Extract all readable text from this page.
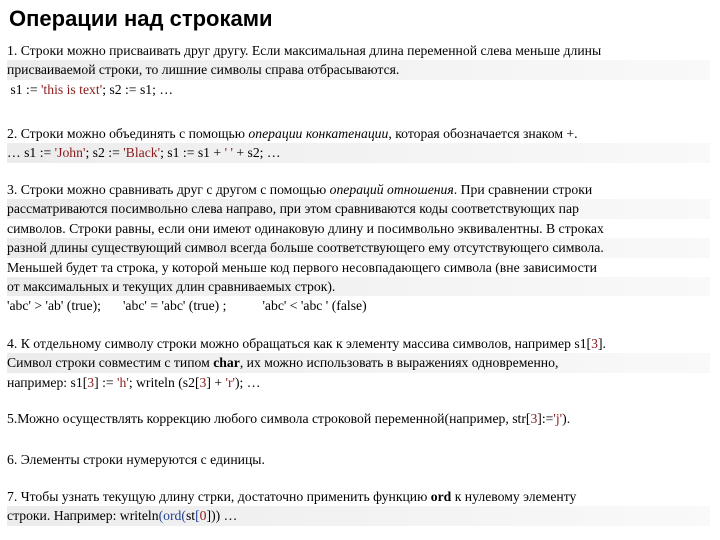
Операции над строками
1. Строки можно присваивать друг другу. Если максимальная длина переменной слева меньше длины
присваиваемой строки, то лишние символы справа отбрасываются.
s1 := 'this is text'; s2 := s1; …
2. Строки можно объединять с помощью операции конкатенации, которая обозначается знаком +.
… s1 := 'John'; s2 := 'Black'; s1 := s1 + ' ' + s2; …
3. Строки можно сравнивать друг с другом с помощью операций отношения. При сравнении строки
рассматриваются посимвольно слева направо, при этом сравниваются коды соответствующих пар
символов. Строки равны, если они имеют одинаковую длину и посимвольно эквивалентны. В строках
разной длины существующий символ всегда больше соответствующего ему отсутствующего символа.
Меньшей будет та строка, у которой меньше код первого несовпадающего символа (вне зависимости
от максимальных и текущих длин сравниваемых строк).
'abc' > 'ab' (true); 'abc' = 'abc' (true) ;	'abc' < 'abc ' (false)
4. К отдельному символу строки можно обращаться как к элементу массива символов, например s1[3].
Символ строки совместим с типом char, их можно использовать в выражениях одновременно,
например: s1[3] := 'h'; writeln (s2[3] + 'r'); …
5.Можно осуществлять коррекцию любого символа строковой переменной(например, str[3]:='j').
6. Элементы строки нумеруются с единицы.
7. Чтобы узнать текущую длину стрки, достаточно применить функцию ord к нулевому элементу
строки. Например: writeln(ord(st[0])) …
